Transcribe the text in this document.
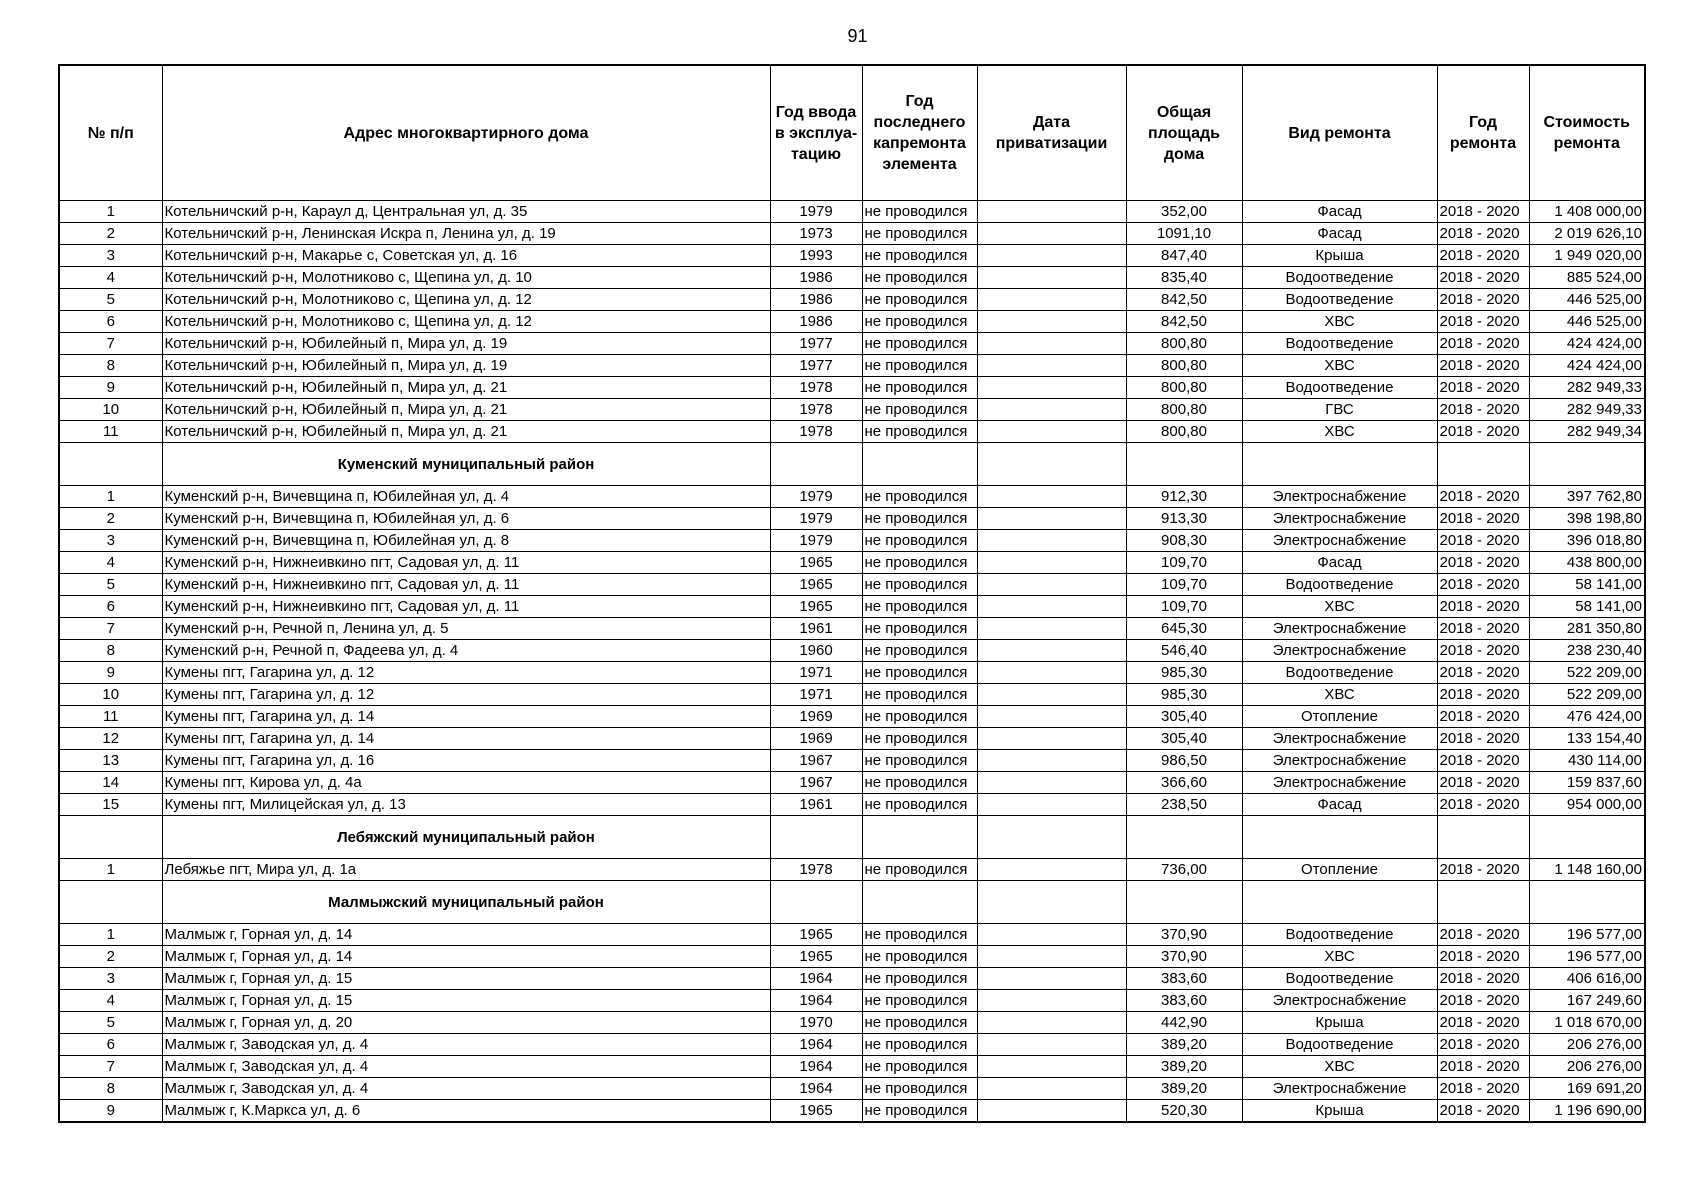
91
№ п/п	Адрес многоквартирного дома	Год ввода в эксплуа-тацию	Год последнего капремонта элемента	Дата приватизации	Общая площадь дома	Вид ремонта	Год ремонта	Стоимость ремонта
1	Котельничский р-н, Караул д, Центральная ул, д. 35	1979	не проводился		352,00	Фасад	2018 - 2020	1 408 000,00
2	Котельничский р-н, Ленинская Искра п, Ленина ул, д. 19	1973	не проводился		1091,10	Фасад	2018 - 2020	2 019 626,10
3	Котельничский р-н, Макарье с, Советская ул, д. 16	1993	не проводился		847,40	Крыша	2018 - 2020	1 949 020,00
4	Котельничский р-н, Молотниково с, Щепина ул, д. 10	1986	не проводился		835,40	Водоотведение	2018 - 2020	885 524,00
5	Котельничский р-н, Молотниково с, Щепина ул, д. 12	1986	не проводился		842,50	Водоотведение	2018 - 2020	446 525,00
6	Котельничский р-н, Молотниково с, Щепина ул, д. 12	1986	не проводился		842,50	ХВС	2018 - 2020	446 525,00
7	Котельничский р-н, Юбилейный п, Мира ул, д. 19	1977	не проводился		800,80	Водоотведение	2018 - 2020	424 424,00
8	Котельничский р-н, Юбилейный п, Мира ул, д. 19	1977	не проводился		800,80	ХВС	2018 - 2020	424 424,00
9	Котельничский р-н, Юбилейный п, Мира ул, д. 21	1978	не проводился		800,80	Водоотведение	2018 - 2020	282 949,33
10	Котельничский р-н, Юбилейный п, Мира ул, д. 21	1978	не проводился		800,80	ГВС	2018 - 2020	282 949,33
11	Котельничский р-н, Юбилейный п, Мира ул, д. 21	1978	не проводился		800,80	ХВС	2018 - 2020	282 949,34
	Куменский муниципальный район							
1	Куменский р-н, Вичевщина п, Юбилейная ул, д. 4	1979	не проводился		912,30	Электроснабжение	2018 - 2020	397 762,80
2	Куменский р-н, Вичевщина п, Юбилейная ул, д. 6	1979	не проводился		913,30	Электроснабжение	2018 - 2020	398 198,80
3	Куменский р-н, Вичевщина п, Юбилейная ул, д. 8	1979	не проводился		908,30	Электроснабжение	2018 - 2020	396 018,80
4	Куменский р-н, Нижнеивкино пгт, Садовая ул, д. 11	1965	не проводился		109,70	Фасад	2018 - 2020	438 800,00
5	Куменский р-н, Нижнеивкино пгт, Садовая ул, д. 11	1965	не проводился		109,70	Водоотведение	2018 - 2020	58 141,00
6	Куменский р-н, Нижнеивкино пгт, Садовая ул, д. 11	1965	не проводился		109,70	ХВС	2018 - 2020	58 141,00
7	Куменский р-н, Речной п, Ленина ул, д. 5	1961	не проводился		645,30	Электроснабжение	2018 - 2020	281 350,80
8	Куменский р-н, Речной п, Фадеева ул, д. 4	1960	не проводился		546,40	Электроснабжение	2018 - 2020	238 230,40
9	Кумены пгт, Гагарина ул, д. 12	1971	не проводился		985,30	Водоотведение	2018 - 2020	522 209,00
10	Кумены пгт, Гагарина ул, д. 12	1971	не проводился		985,30	ХВС	2018 - 2020	522 209,00
11	Кумены пгт, Гагарина ул, д. 14	1969	не проводился		305,40	Отопление	2018 - 2020	476 424,00
12	Кумены пгт, Гагарина ул, д. 14	1969	не проводился		305,40	Электроснабжение	2018 - 2020	133 154,40
13	Кумены пгт, Гагарина ул, д. 16	1967	не проводился		986,50	Электроснабжение	2018 - 2020	430 114,00
14	Кумены пгт, Кирова ул, д. 4а	1967	не проводился		366,60	Электроснабжение	2018 - 2020	159 837,60
15	Кумены пгт, Милицейская ул, д. 13	1961	не проводился		238,50	Фасад	2018 - 2020	954 000,00
	Лебяжский муниципальный район							
1	Лебяжье пгт, Мира ул, д. 1а	1978	не проводился		736,00	Отопление	2018 - 2020	1 148 160,00
	Малмыжский муниципальный район							
1	Малмыж г, Горная ул, д. 14	1965	не проводился		370,90	Водоотведение	2018 - 2020	196 577,00
2	Малмыж г, Горная ул, д. 14	1965	не проводился		370,90	ХВС	2018 - 2020	196 577,00
3	Малмыж г, Горная ул, д. 15	1964	не проводился		383,60	Водоотведение	2018 - 2020	406 616,00
4	Малмыж г, Горная ул, д. 15	1964	не проводился		383,60	Электроснабжение	2018 - 2020	167 249,60
5	Малмыж г, Горная ул, д. 20	1970	не проводился		442,90	Крыша	2018 - 2020	1 018 670,00
6	Малмыж г, Заводская ул, д. 4	1964	не проводился		389,20	Водоотведение	2018 - 2020	206 276,00
7	Малмыж г, Заводская ул, д. 4	1964	не проводился		389,20	ХВС	2018 - 2020	206 276,00
8	Малмыж г, Заводская ул, д. 4	1964	не проводился		389,20	Электроснабжение	2018 - 2020	169 691,20
9	Малмыж г, К.Маркса ул, д. 6	1965	не проводился		520,30	Крыша	2018 - 2020	1 196 690,00
